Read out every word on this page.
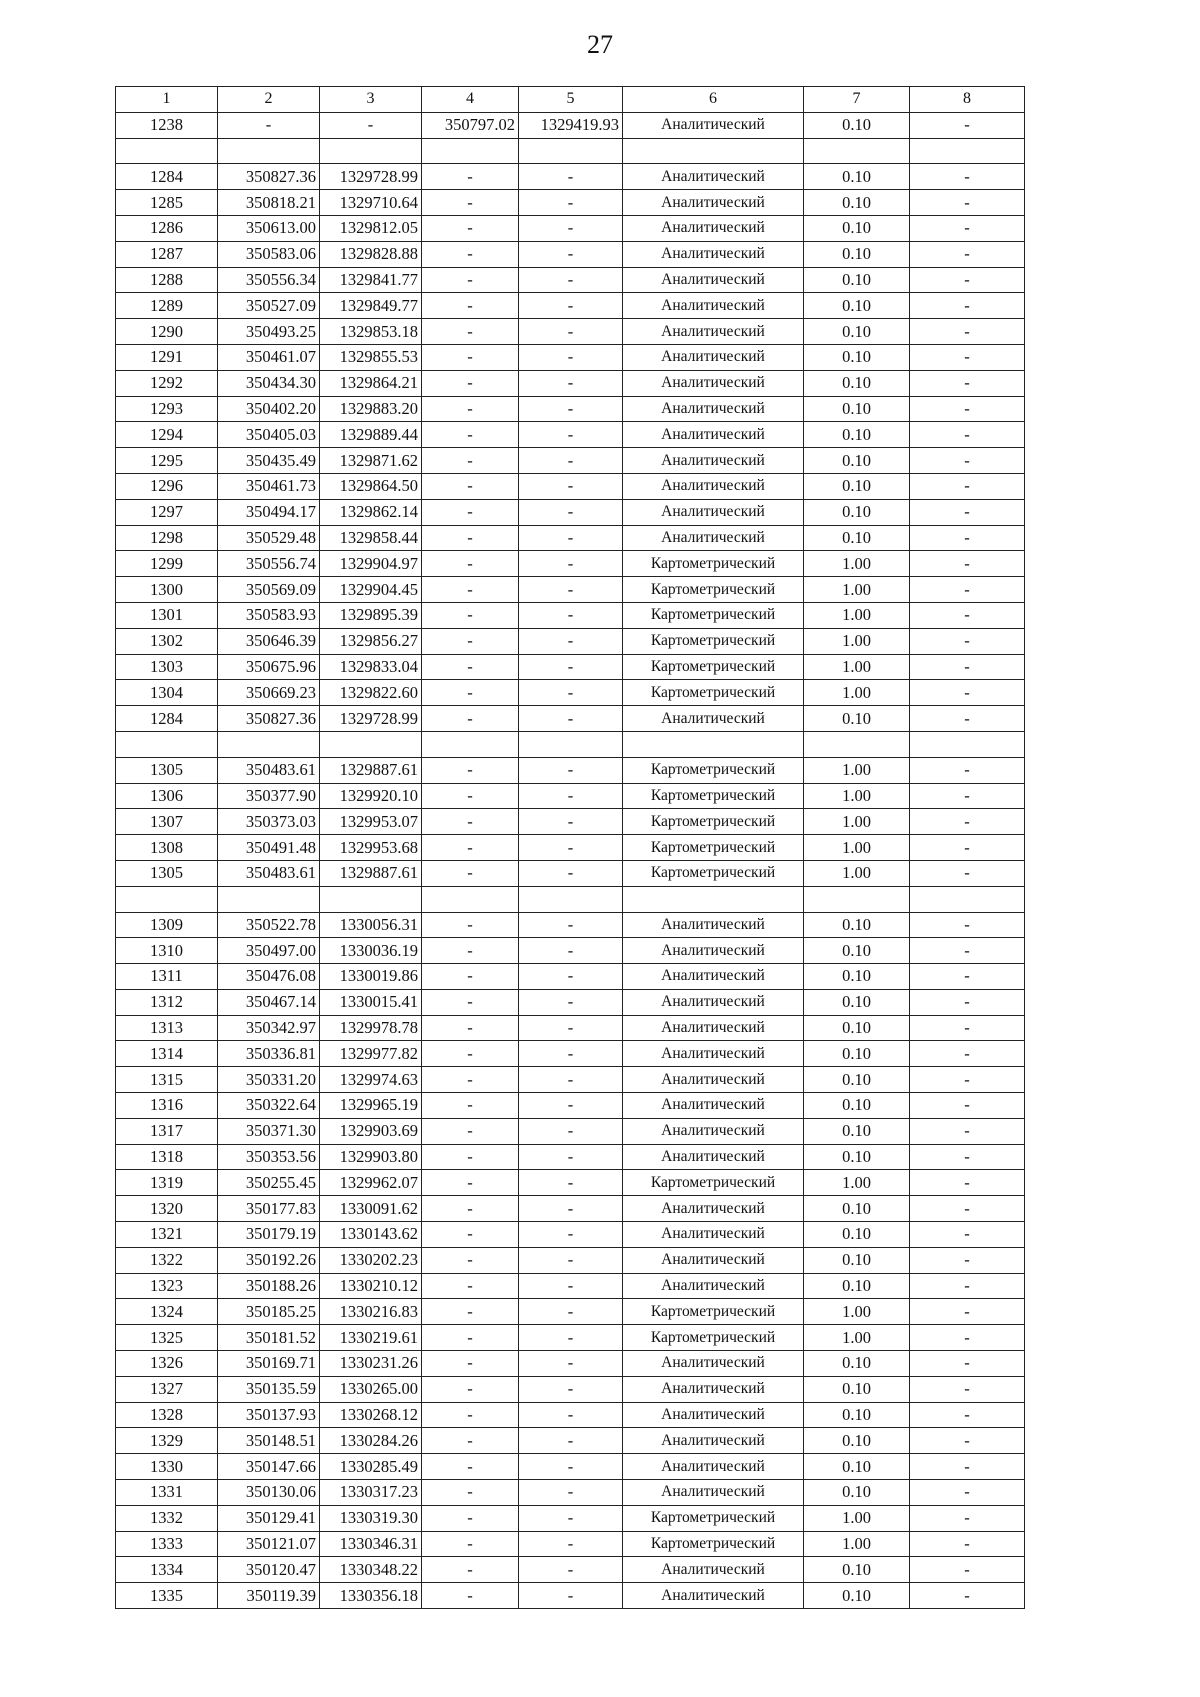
27
1	2	3	4	5	6	7	8
1238	-	-	350797.02	1329419.93	Аналитический	0.10	-

1284	350827.36	1329728.99	-	-	Аналитический	0.10	-
1285	350818.21	1329710.64	-	-	Аналитический	0.10	-
1286	350613.00	1329812.05	-	-	Аналитический	0.10	-
1287	350583.06	1329828.88	-	-	Аналитический	0.10	-
1288	350556.34	1329841.77	-	-	Аналитический	0.10	-
1289	350527.09	1329849.77	-	-	Аналитический	0.10	-
1290	350493.25	1329853.18	-	-	Аналитический	0.10	-
1291	350461.07	1329855.53	-	-	Аналитический	0.10	-
1292	350434.30	1329864.21	-	-	Аналитический	0.10	-
1293	350402.20	1329883.20	-	-	Аналитический	0.10	-
1294	350405.03	1329889.44	-	-	Аналитический	0.10	-
1295	350435.49	1329871.62	-	-	Аналитический	0.10	-
1296	350461.73	1329864.50	-	-	Аналитический	0.10	-
1297	350494.17	1329862.14	-	-	Аналитический	0.10	-
1298	350529.48	1329858.44	-	-	Аналитический	0.10	-
1299	350556.74	1329904.97	-	-	Картометрический	1.00	-
1300	350569.09	1329904.45	-	-	Картометрический	1.00	-
1301	350583.93	1329895.39	-	-	Картометрический	1.00	-
1302	350646.39	1329856.27	-	-	Картометрический	1.00	-
1303	350675.96	1329833.04	-	-	Картометрический	1.00	-
1304	350669.23	1329822.60	-	-	Картометрический	1.00	-
1284	350827.36	1329728.99	-	-	Аналитический	0.10	-

1305	350483.61	1329887.61	-	-	Картометрический	1.00	-
1306	350377.90	1329920.10	-	-	Картометрический	1.00	-
1307	350373.03	1329953.07	-	-	Картометрический	1.00	-
1308	350491.48	1329953.68	-	-	Картометрический	1.00	-
1305	350483.61	1329887.61	-	-	Картометрический	1.00	-

1309	350522.78	1330056.31	-	-	Аналитический	0.10	-
1310	350497.00	1330036.19	-	-	Аналитический	0.10	-
1311	350476.08	1330019.86	-	-	Аналитический	0.10	-
1312	350467.14	1330015.41	-	-	Аналитический	0.10	-
1313	350342.97	1329978.78	-	-	Аналитический	0.10	-
1314	350336.81	1329977.82	-	-	Аналитический	0.10	-
1315	350331.20	1329974.63	-	-	Аналитический	0.10	-
1316	350322.64	1329965.19	-	-	Аналитический	0.10	-
1317	350371.30	1329903.69	-	-	Аналитический	0.10	-
1318	350353.56	1329903.80	-	-	Аналитический	0.10	-
1319	350255.45	1329962.07	-	-	Картометрический	1.00	-
1320	350177.83	1330091.62	-	-	Аналитический	0.10	-
1321	350179.19	1330143.62	-	-	Аналитический	0.10	-
1322	350192.26	1330202.23	-	-	Аналитический	0.10	-
1323	350188.26	1330210.12	-	-	Аналитический	0.10	-
1324	350185.25	1330216.83	-	-	Картометрический	1.00	-
1325	350181.52	1330219.61	-	-	Картометрический	1.00	-
1326	350169.71	1330231.26	-	-	Аналитический	0.10	-
1327	350135.59	1330265.00	-	-	Аналитический	0.10	-
1328	350137.93	1330268.12	-	-	Аналитический	0.10	-
1329	350148.51	1330284.26	-	-	Аналитический	0.10	-
1330	350147.66	1330285.49	-	-	Аналитический	0.10	-
1331	350130.06	1330317.23	-	-	Аналитический	0.10	-
1332	350129.41	1330319.30	-	-	Картометрический	1.00	-
1333	350121.07	1330346.31	-	-	Картометрический	1.00	-
1334	350120.47	1330348.22	-	-	Аналитический	0.10	-
1335	350119.39	1330356.18	-	-	Аналитический	0.10	-
